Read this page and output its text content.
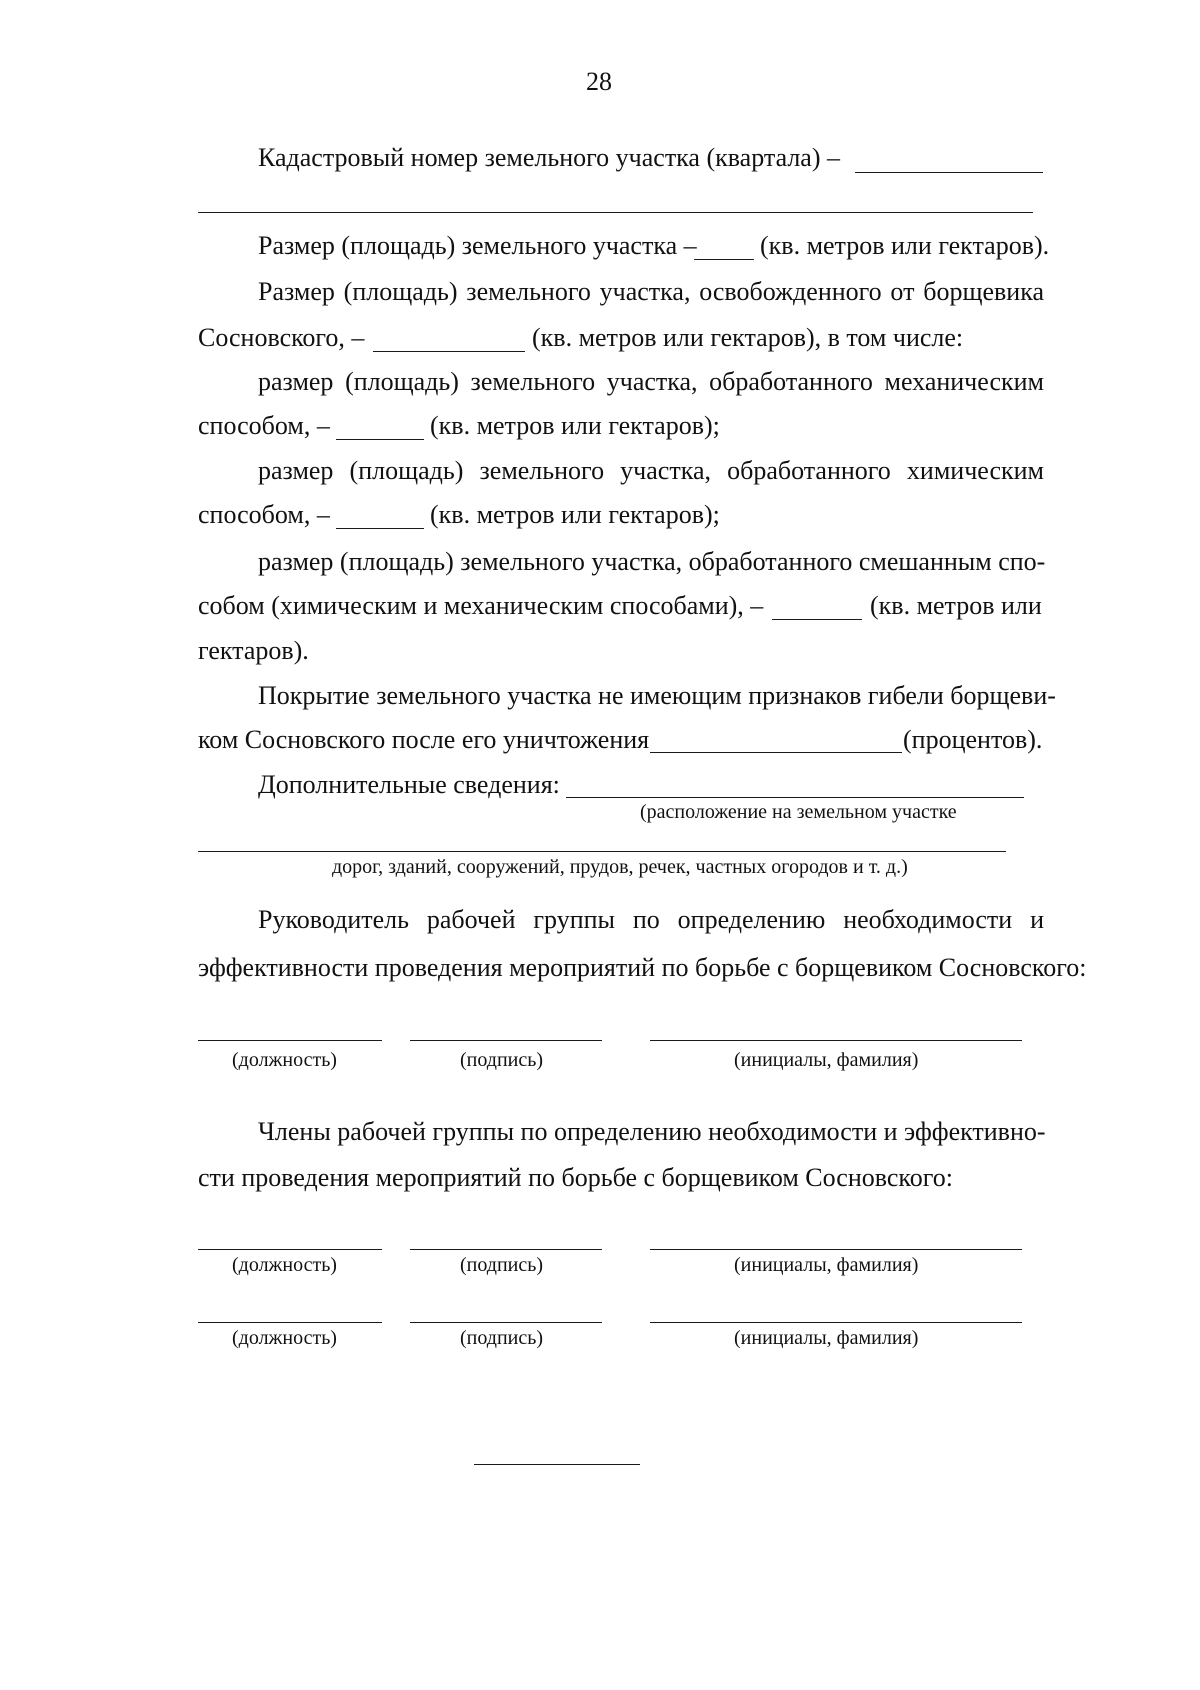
28

Кадастровый номер земельного участка (квартала) –

Размер (площадь) земельного участка – (кв. метров или гектаров).

Размер (площадь) земельного участка, освобожденного от борщевика

Сосновского, –	(кв. метров или гектаров), в том числе:

размер (площадь) земельного участка, обработанного механическим

способом, –	(кв. метров или гектаров);

размер (площадь) земельного участка, обработанного химическим

способом, –	(кв. метров или гектаров);

размер (площадь) земельного участка, обработанного смешанным спо-

собом (химическим и механическим способами), –	(кв. метров или

гектаров).

Покрытие земельного участка не имеющим признаков гибели борщеви-

ком Сосновского после его уничтожения	(процентов).

Дополнительные сведения:

(расположение на земельном участке

дорог, зданий, сооружений, прудов, речек, частных огородов и т. д.)

Руководитель рабочей группы по определению необходимости и

эффективности проведения мероприятий по борьбе с борщевиком Сосновского:

(должность)	(подпись)	(инициалы, фамилия)

Члены рабочей группы по определению необходимости и эффективно-

сти проведения мероприятий по борьбе с борщевиком Сосновского:

(должность)	(подпись)	(инициалы, фамилия)

(должность)	(подпись)	(инициалы, фамилия)
